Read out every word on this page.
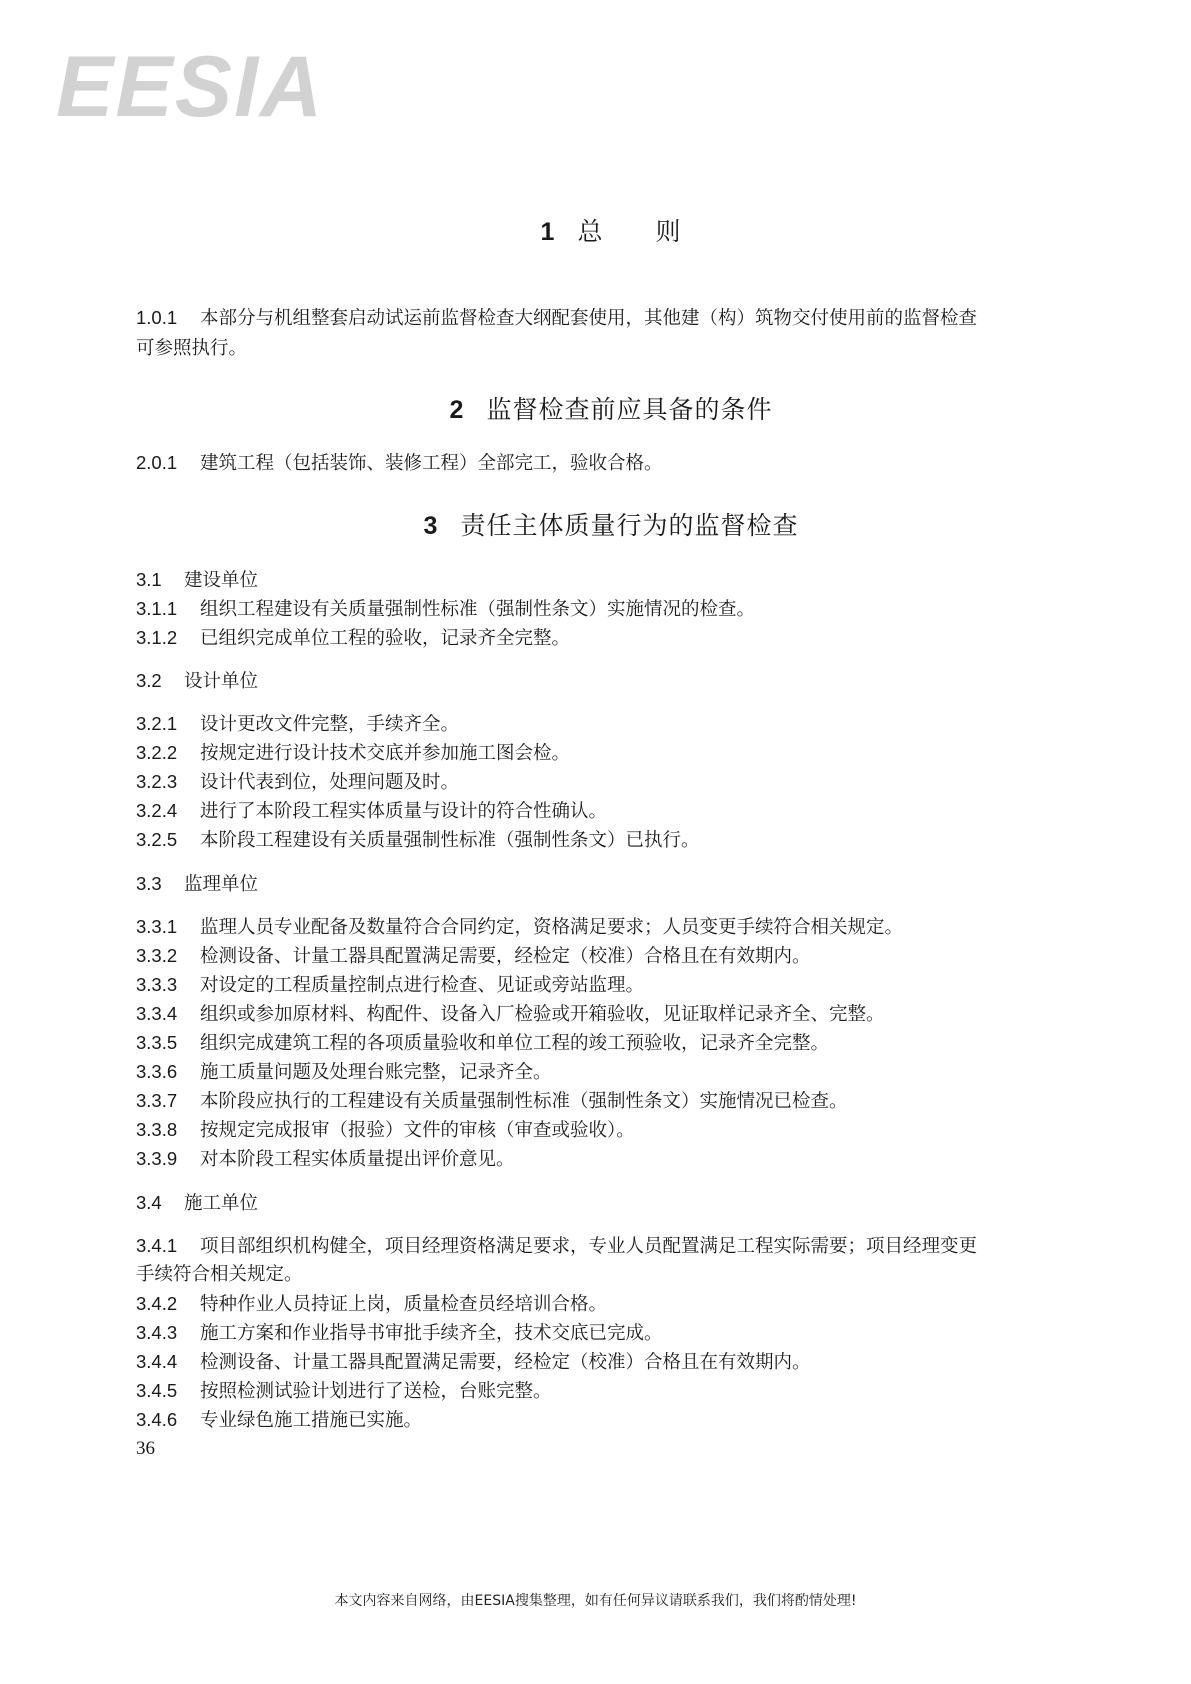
EESIA
1 总　　则
1.0.1 本部分与机组整套启动试运前监督检查大纲配套使用，其他建（构）筑物交付使用前的监督检查
可参照执行。
2 监督检查前应具备的条件
2.0.1 建筑工程（包括装饰、装修工程）全部完工，验收合格。
3 责任主体质量行为的监督检查
3.1 建设单位
3.1.1 组织工程建设有关质量强制性标准（强制性条文）实施情况的检查。
3.1.2 已组织完成单位工程的验收，记录齐全完整。
3.2 设计单位
3.2.1 设计更改文件完整，手续齐全。
3.2.2 按规定进行设计技术交底并参加施工图会检。
3.2.3 设计代表到位，处理问题及时。
3.2.4 进行了本阶段工程实体质量与设计的符合性确认。
3.2.5 本阶段工程建设有关质量强制性标准（强制性条文）已执行。
3.3 监理单位
3.3.1 监理人员专业配备及数量符合合同约定，资格满足要求；人员变更手续符合相关规定。
3.3.2 检测设备、计量工器具配置满足需要，经检定（校准）合格且在有效期内。
3.3.3 对设定的工程质量控制点进行检查、见证或旁站监理。
3.3.4 组织或参加原材料、构配件、设备入厂检验或开箱验收，见证取样记录齐全、完整。
3.3.5 组织完成建筑工程的各项质量验收和单位工程的竣工预验收，记录齐全完整。
3.3.6 施工质量问题及处理台账完整，记录齐全。
3.3.7 本阶段应执行的工程建设有关质量强制性标准（强制性条文）实施情况已检查。
3.3.8 按规定完成报审（报验）文件的审核（审查或验收）。
3.3.9 对本阶段工程实体质量提出评价意见。
3.4 施工单位
3.4.1 项目部组织机构健全，项目经理资格满足要求，专业人员配置满足工程实际需要；项目经理变更
手续符合相关规定。
3.4.2 特种作业人员持证上岗，质量检查员经培训合格。
3.4.3 施工方案和作业指导书审批手续齐全，技术交底已完成。
3.4.4 检测设备、计量工器具配置满足需要，经检定（校准）合格且在有效期内。
3.4.5 按照检测试验计划进行了送检，台账完整。
3.4.6 专业绿色施工措施已实施。
36
本文内容来自网络，由EESIA搜集整理，如有任何异议请联系我们，我们将酌情处理!
